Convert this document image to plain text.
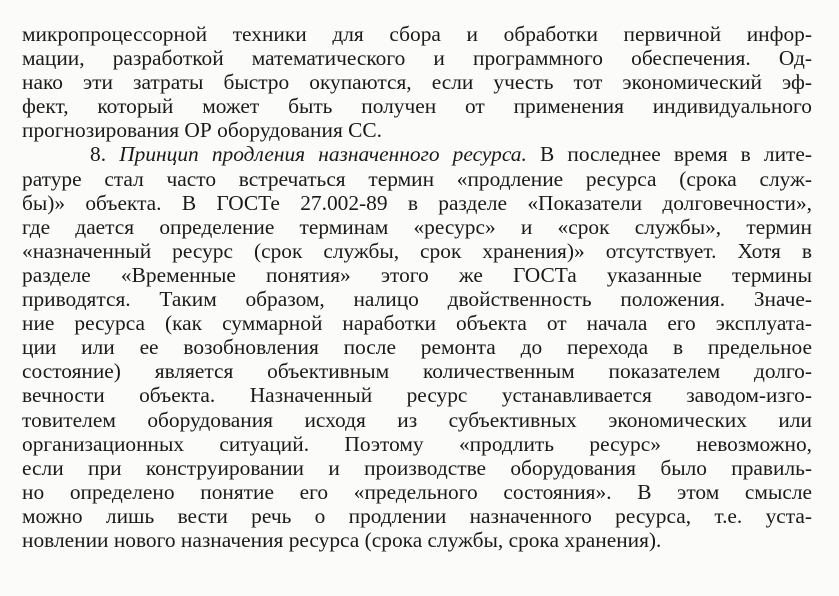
микропроцессорной техники для сбора и обработки первичной инфор-
мации, разработкой математического и программного обеспечения. Од-
нако эти затраты быстро окупаются, если учесть тот экономический эф-
фект, который может быть получен от применения индивидуального
прогнозирования ОР оборудования СС.
8. Принцип продления назначенного ресурса. В последнее время в лите-
ратуре стал часто встречаться термин «продление ресурса (срока служ-
бы)» объекта. В ГОСТе 27.002-89 в разделе «Показатели долговечности»,
где дается определение терминам «ресурс» и «срок службы», термин
«назначенный ресурс (срок службы, срок хранения)» отсутствует. Хотя в
разделе «Временные понятия» этого же ГОСТа указанные термины
приводятся. Таким образом, налицо двойственность положения. Значе-
ние ресурса (как суммарной наработки объекта от начала его эксплуата-
ции или ее возобновления после ремонта до перехода в предельное
состояние) является объективным количественным показателем долго-
вечности объекта. Назначенный ресурс устанавливается заводом-изго-
товителем оборудования исходя из субъективных экономических или
организационных ситуаций. Поэтому «продлить ресурс» невозможно,
если при конструировании и производстве оборудования было правиль-
но определено понятие его «предельного состояния». В этом смысле
можно лишь вести речь о продлении назначенного ресурса, т.е. уста-
новлении нового назначения ресурса (срока службы, срока хранения).
